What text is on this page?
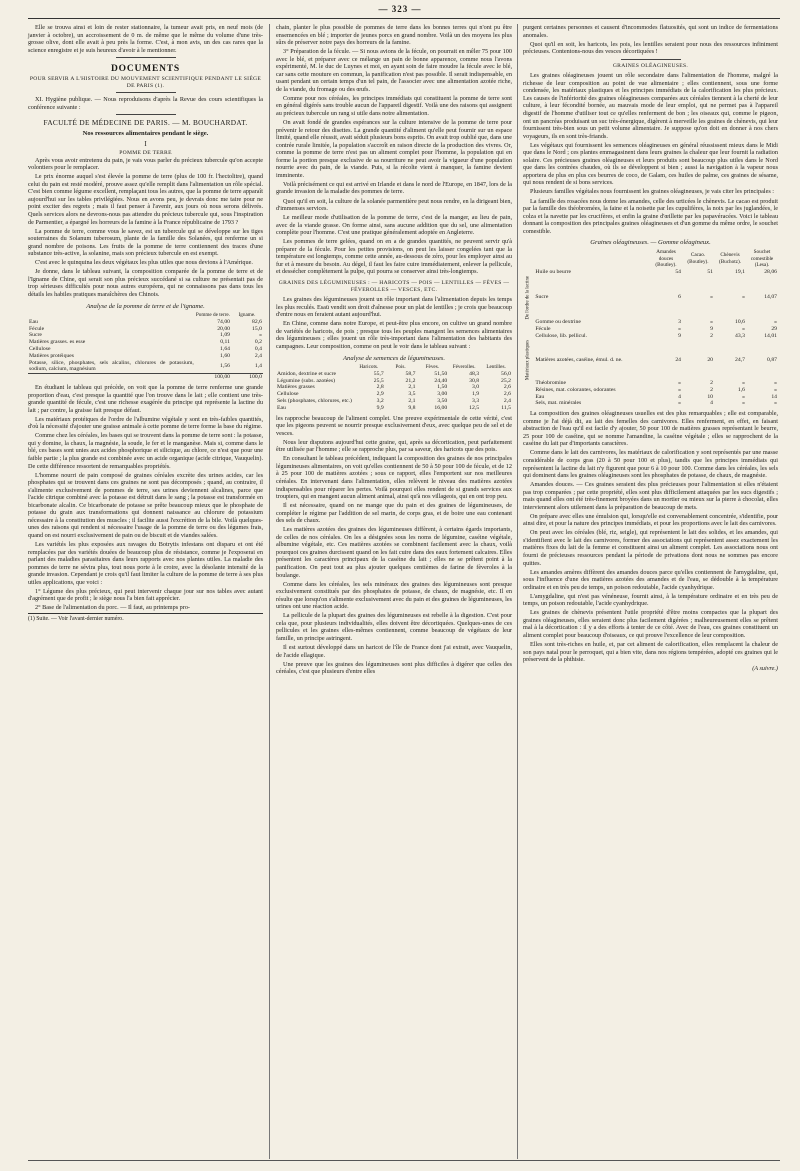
— 323 —

Elle se trouva ainsi et loin de rester stationnaire, la tumeur avait pris, en neuf mois (de janvier à octobre), un accroissement de 0 m. de même que le même du volume d'une très-grosse olive, dont elle avait à peu près la forme. C'est, à mon avis, un des cas rares que la science enregistre et je suis heureux d'avoir à le mentionner.

DOCUMENTS
POUR SERVIR A L'HISTOIRE DU MOUVEMENT SCIENTIFIQUE PENDANT LE SIÉGE DE PARIS (1).

XI. Hygiène publique. — Nous reproduisons d'après la Revue des cours scientifiques la conférence suivante :

FACULTÉ DE MÉDECINE DE PARIS. — M. BOUCHARDAT.
Nos ressources alimentaires pendant le siège.
I
POMME DE TERRE

Après vous avoir entretenu du pain, je vais vous parler du précieux tubercule qu'on accepte volontiers pour le remplacer.

Le prix énorme auquel s'est élevée la pomme de terre (plus de 100 fr. l'hectolitre), quand celui du pain est resté modéré, prouve assez qu'elle remplit dans l'alimentation un rôle spécial. C'est bien comme légume excellent, remplaçant tous les autres, que la pomme de terre apparaît aujourd'hui sur les tables privilégiées. Nous en avons peu, je devrais donc me taire pour ne point exciter des regrets ; mais il faut penser à l'avenir, aux jours où nous serons délivrés. Quels services alors ne devrons-nous pas attendre du précieux tubercule qui, sous l'inspiration de Parmentier, a épargné les horreurs de la famine à la France républicaine de 1793 ?

La pomme de terre, comme vous le savez, est un tubercule qui se développe sur les tiges souterraines du Solanum tuberosum, plante de la famille des Solanées, qui renferme un si grand nombre de poisons. Les fruits de la pomme de terre contiennent des traces d'une substance très-active, la solanine, mais son précieux tubercule en est exempt.

C'est avec le quinquina les deux végétaux les plus utiles que nous devions à l'Amérique.

Je donne, dans le tableau suivant, la composition comparée de la pomme de terre et de l'Igname de Chine, qui serait son plus précieux succédané si sa culture ne présentait pas de trop sérieuses difficultés pour nous autres européens, qui ne connaissons pas dans tous les détails les habiles pratiques maraîchères des Chinois.

Analyse de la pomme de terre et de l'igname.
	Pomme de terre.	Igname.
Eau	74,00	82,6
Fécule	20,00	15,0
Sucre	1,09	»
Matières grasses. es esse	0,11	0,2
Cellulose	1,64	0,4
Matières protéiques	1,60	2,4
Potasse, silice, phosphates, sels alcalins, chlorures de potassium, sodium, calcium, magnésium	1,56	1,4
	100,00	100,0

En étudiant le tableau qui précède, on voit que la pomme de terre renferme une grande proportion d'eau, c'est presque la quantité que l'on trouve dans le lait ; elle contient une très-grande quantité de fécule, c'est une richesse exagérée du principe qui représente la lactine du lait ; par contre, la graisse fait presque défaut.

Les matériaux protéiques de l'ordre de l'albumine végétale y sont en très-faibles quantités, d'où la nécessité d'ajouter une graisse animale à cette pomme de terre forme la base du régime.

Comme chez les céréales, les bases qui se trouvent dans la pomme de terre sont : la potasse, qui y domine, la chaux, la magnésie, la soude, le fer et le manganèse. Mais si, comme dans le blé, ces bases sont unies aux acides phosphorique et silicique, au chlore, ce n'est que pour une faible partie ; la plus grande est combinée avec un acide organique (acide citrique, Vauquelin). De cette différence ressortent de remarquables propriétés.

L'homme nourri de pain composé de graines céréales excrète des urines acides, car les phosphates qui se trouvent dans ces graines ne sont pas décomposés ; quand, au contraire, il s'alimente exclusivement de pommes de terre, ses urines deviennent alcalines, parce que l'acide citrique combiné avec la potasse est détruit dans le sang ; la potasse est transformée en bicarbonate alcalin. Ce bicarbonate de potasse se prête beaucoup mieux que le phosphate de potasse du grain aux transformations qui donnent naissance au chlorure de potassium nécessaire à la constitution des muscles ; il facilite aussi l'excrétion de la bile. Voilà quelques-unes des raisons qui rendent si nécessaire l'usage de la pomme de terre ou des légumes frais, quand on est nourri exclusivement de pain ou de biscuit et de viandes salées.

Les variétés les plus exposées aux ravages du Botrytis infestans ont disparu et ont été remplacées par des variétés douées de beaucoup plus de résistance, comme je l'exposerai en parlant des maladies parasitaires dans leurs rapports avec nos plantes utiles. La maladie des pommes de terre ne sévira plus, tout nous porte à le croire, avec la désolante intensité de la grande invasion. Cependant je crois qu'il faut limiter la culture de la pomme de terre à ses plus utiles applications, que voici :

1° Légume des plus précieux, qui peut intervenir chaque jour sur nos tables avec autant d'agrément que de profit ; le siège nous l'a bien fait apprécier.

2° Base de l'alimentation du porc. — Il faut, au printemps pro-

(1) Suite. — Voir l'avant-dernier numéro.

chain, planter le plus possible de pommes de terre dans les bonnes terres qui n'ont pu être ensemencées en blé ; importer de jeunes porcs en grand nombre. Voilà un des moyens les plus sûrs de préserver notre pays des horreurs de la famine.

3° Préparation de la fécule. — Si nous avions de la fécule, on pourrait en mêler 75 pour 100 avec le blé, et préparer avec ce mélange un pain de bonne apparence, comme nous l'avons expérimenté, M. le duc de Luynes et moi, en ayant soin de faire moudre la fécule avec le blé, car sans cette mouture en commun, la panification n'est pas possible. Il serait indispensable, en usant pendant un certain temps d'un tel pain, de l'associer avec une alimentation azotée riche, de la viande, du fromage ou des œufs.

Comme pour nos céréales, les principes immédiats qui constituent la pomme de terre sont en général digérés sans trouble aucun de l'appareil digestif. Voilà une des raisons qui assignent au précieux tubercule un rang si utile dans notre alimentation.

On avait fondé de grandes espérances sur la culture intensive de la pomme de terre pour prévenir le retour des disettes. La grande quantité d'aliment qu'elle peut fournir sur un espace limité, quand elle réussit, avait séduit plusieurs bons esprits. On avait trop oublié que, dans une contrée rurale limitée, la population s'accroît en raison directe de la production des vivres. Or, comme la pomme de terre n'est pas un aliment complet pour l'homme, la population qui en forme la portion presque exclusive de sa nourriture ne peut avoir la vigueur d'une population nourrie avec du pain, de la viande. Puis, si la récolte vient à manquer, la famine devient imminente.

Voilà précisément ce qui est arrivé en Irlande et dans le nord de l'Europe, en 1847, lors de la grande invasion de la maladie des pommes de terre.

Quoi qu'il en soit, la culture de la solanée parmentière peut nous rendre, en la dirigeant bien, d'immenses services.

Le meilleur mode d'utilisation de la pomme de terre, c'est de la manger, au lieu de pain, avec de la viande grasse. On forme ainsi, sans aucune addition que du sel, une alimentation complète pour l'homme. C'est une pratique généralement adoptée en Angleterre.

Les pommes de terre gelées, quand on en a de grandes quantités, ne peuvent servir qu'à préparer de la fécule. Pour les petites provisions, on peut les laisser congelées tant que la température est longtemps, comme cette année, au-dessous de zéro, pour les employer ainsi au fur et à mesure du besoin. Au dégel, il faut les faire cuire immédiatement, enlever la pellicule, et dessécher complètement la pulpe, qui pourra se conserver ainsi très-longtemps.

GRAINES DES LÉGUMINEUSES : — HARICOTS — POIS — LENTILLES — FÈVES — FÉVEROLLES — VESCES, ETC.

Les graines des légumineuses jouent un rôle important dans l'alimentation depuis les temps les plus reculés. Esaü vendit son droit d'aînesse pour un plat de lentilles ; je crois que beaucoup d'entre nous en feraient autant aujourd'hui.

En Chine, comme dans notre Europe, et peut-être plus encore, on cultive un grand nombre de variétés de haricots, de pois ; presque tous les peuples mangent les semences alimentaires des légumineuses ; elles jouent un rôle très-important dans l'alimentation des habitants des campagnes. Leur composition, comme on peut le voir dans le tableau suivant :

Analyse de semences de légumineuses.
	Haricots.	Pois.	Fèves.	Féverolles.	Lentilles.
Amidon, dextrine et sucre	55,7	58,7	51,50	48,3	56,0
Légumine (subs. azotées)	25,5	21,2	24,40	30,8	25,2
Matières grasses	2,8	2,1	1,50	3,0	2,6
Cellulose	2,9	3,5	3,00	1,9	2,6
Sels (phosphates, chlorures, etc.)	3,2	2,1	3,50	3,3	2,4
Eau	9,9	9,8	16,00	12,5	11,5

les rapproche beaucoup de l'aliment complet. Une preuve expérimentale de cette vérité, c'est que les pigeons peuvent se nourrir presque exclusivement d'eux, avec quelque peu de sel et de vesces.

Nous leur disputons aujourd'hui cette graine, qui, après sa décortication, peut parfaitement être utilisée par l'homme ; elle se rapproche plus, par sa saveur, des haricots que des pois.

En consultant le tableau précédent, indiquant la composition des graines de nos principales légumineuses alimentaires, on voit qu'elles contiennent de 50 à 50 pour 100 de fécule, et de 12 à 25 pour 100 de matières azotées ; sous ce rapport, elles l'emportent sur nos meilleures céréales. En intervenant dans l'alimentation, elles relèvent le niveau des matières azotées indispensables pour réparer les pertes. Voilà pourquoi elles rendent de si grands services aux troupiers, qui en mangent aucun aliment animal, ainsi qu'à nos villageois, qui en ont trop peu.

Il est nécessaire, quand on ne mange que du pain et des graines de légumineuses, de compléter le régime par l'addition de sel marin, de corps gras, et de boire une eau contenant des sels de chaux.

Les matières azotées des graines des légumineuses diffèrent, à certains égards importants, de celles de nos céréales. On les a désignées sous les noms de légumine, caséine végétale, albumine végétale, etc. Ces matières azotées se combinent facilement avec la chaux, voilà pourquoi ces graines durcissent quand on les fait cuire dans des eaux fortement calcaires. Elles présentent les caractères principaux de la caséine du lait ; elles ne se prêtent point à la panification. On peut tout au plus ajouter quelques centièmes de farine de fèveroles à la boulange.

Comme dans les céréales, les sels minéraux des graines des légumineuses sont presque exclusivement constitués par des phosphates de potasse, de chaux, de magnésie, etc. Il en résulte que lorsqu'on s'alimente exclusivement avec du pain et des graines de légumineuses, les urines ont une réaction acide.

La pellicule de la plupart des graines des légumineuses est rebelle à la digestion. C'est pour cela que, pour plusieurs individualités, elles doivent être décortiquées. Quelques-unes de ces pellicules et les graines elles-mêmes contiennent, comme beaucoup de végétaux de leur famille, un principe astringent.

Il est surtout développé dans un haricot de l'île de France dont j'ai extrait, avec Vauquelin, de l'acide ellagique.

Une preuve que les graines des légumineuses sont plus difficiles à digérer que celles des céréales, c'est que plusieurs d'entre elles

purgent certaines personnes et causent d'incommodes flatuosités, qui sont un indice de fermentations anomales.

Quoi qu'il en soit, les haricots, les pois, les lentilles seraient pour nous des ressources infiniment précieuses. Contentons-nous des vesces décortiquées !

GRAINES OLÉAGINEUSES.

Les graines oléagineuses jouent un rôle secondaire dans l'alimentation de l'homme, malgré la richesse de leur composition au point de vue alimentaire ; elles contiennent, sous une forme condensée, les matériaux plastiques et les principes immédiats de la calorification les plus précieux. Les causes de l'infériorité des graines oléagineuses comparées aux céréales tiennent à la cherté de leur culture, à leur fécondité bornée, au mauvais mode de leur emploi, qui ne permet pas à l'appareil digestif de l'homme d'utiliser tout ce qu'elles renferment de bon ; les oiseaux qui, comme le pigeon, ont un pancréas produisant un suc très-énergique, digèrent à merveille les graines de chènevis, qui leur fournissent très-bien sous un petit volume alimentaire. Je suppose qu'on doit en donner à nos chers voyageurs, ils en sont très-friands.

Les végétaux qui fournissent les semences oléagineuses en général réussissent mieux dans le Midi que dans le Nord ; ces plantes emmagasinent dans leurs graines la chaleur que leur fournit la radiation solaire. Ces précieuses graines oléagineuses et leurs produits sont beaucoup plus utiles dans le Nord que dans les contrées chaudes, où ils se développent si bien ; aussi la navigation à la vapeur nous apportera de plus en plus ces beurres de coco, de Galam, ces huiles de palme, ces graines de sésame, qui nous rendent de si bons services.

Plusieurs familles végétales nous fournissent les graines oléagineuses, je vais citer les principales :

La famille des rosacées nous donne les amandes, celle des urticées le chènevis. Le cacao est produit par la famille des théobromées, la faine et la noisette par les cupulifères, la noix par les juglandées, le colza et la navette par les crucifères, et enfin la graine d'œillette par les papavéracées. Voici le tableau donnant la composition des principales graines oléagineuses et d'un gomme du même ordre, le souchet comestible.

Graines oléagineuses. — Gomme oléagineux.
		Amandes douces (Boutley).	Cacao. (Boutley).	Chènevis (Buchotz).	Souchet comestible (Lesa).
	Huile ou beurre	54	51	19,1	28,06
De l'ordre de la lactine	Sucre	6	»	»	14,07
	Gomme ou dextrine	3	»	10,6	»
	Fécule	»	9	»	29
	Cellulose, lib. pellicul.	9	2	43,3	14,01
Matériaux plastiques	Matières azotées, caséine, émul. d. ne.	24	20	24,7	0,87
	Théobromine	»	2	»	»
	Résines, mat. colorantes, odorantes	»	2	1,6	»
	Eau	4	10	»	14
	Sels, mat. minérales	»	4	»	»

La composition des graines oléagineuses usuelles est des plus remarquables ; elle est comparable, comme je l'ai déjà dit, au lait des femelles des carnivores. Elles renferment, en effet, en faisant abstraction de l'eau qu'il est facile d'y ajouter, 50 pour 100 de matières grasses représentant le beurre, 25 pour 100 de caséine, qui se nomme l'amandine, la caséine végétale ; elles se rapprochent de la caséine du lait par d'importants caractères.

Comme dans le lait des carnivores, les matériaux de calorification y sont représentés par une masse considérable de corps gras (20 à 50 pour 100 et plus), tandis que les principes immédiats qui représentent la lactine du lait n'y figurent que pour 6 à 10 pour 100. Comme dans les céréales, les sels qui dominent dans les graines oléagineuses sont les phosphates de potasse, de chaux, de magnésie.

Amandes douces. — Ces graines seraient des plus précieuses pour l'alimentation si elles n'étaient pas trop comparées ; par cette propriété, elles sont plus difficilement attaquées par les sucs digestifs ; mais quand elles ont été très-finement broyées dans un mortier ou mieux sur la pierre à chocolat, elles interviennent alors utilement dans la préparation de beaucoup de mets.

On prépare avec elles une émulsion qui, lorsqu'elle est convenablement concentrée, s'identifie, pour ainsi dire, et pour la nature des principes immédiats, et pour les proportions avec le lait des carnivores.

On peut avec les céréales (blé, riz, seigle), qui représentent le lait des solides, et les amandes, qui s'identifient avec le lait des carnivores, former des associations qui représentent assez exactement les matières fixes du lait de la femme et constituent ainsi un aliment complet. Les associations nous ont fourni de précieuses ressources pendant la période de privations dont nous ne sommes pas encore quittes.

Les amandes amères diffèrent des amandes douces parce qu'elles contiennent de l'amygdaline, qui, sous l'influence d'une des matières azotées des amandes et de l'eau, se dédouble à la température ordinaire et en très peu de temps, un poison redoutable, l'acide cyanhydrique.

L'amygdaline, qui n'est pas vénéneuse, fournit ainsi, à la température ordinaire et en très peu de temps, un poison redoutable, l'acide cyanhydrique.

Les graines de chènevis présentent l'utile propriété d'être moins compactes que la plupart des graines oléagineuses, elles seraient donc plus facilement digérées ; malheureusement elles se prêtent mal à la décortication : il y a des efforts à tenter de ce côté. Avec de l'eau, ces graines constituent un aliment complet pour beaucoup d'oiseaux, ce qui prouve l'excellence de leur composition.

Elles sont très-riches en huile, et, par cet aliment de calorification, elles remplacent la chaleur de son pays natal pour le perroquet, qui a bien vite, dans nos régions tempérées, adopté ces graines qui le préservent de la phthisie.

(A suivre.)
